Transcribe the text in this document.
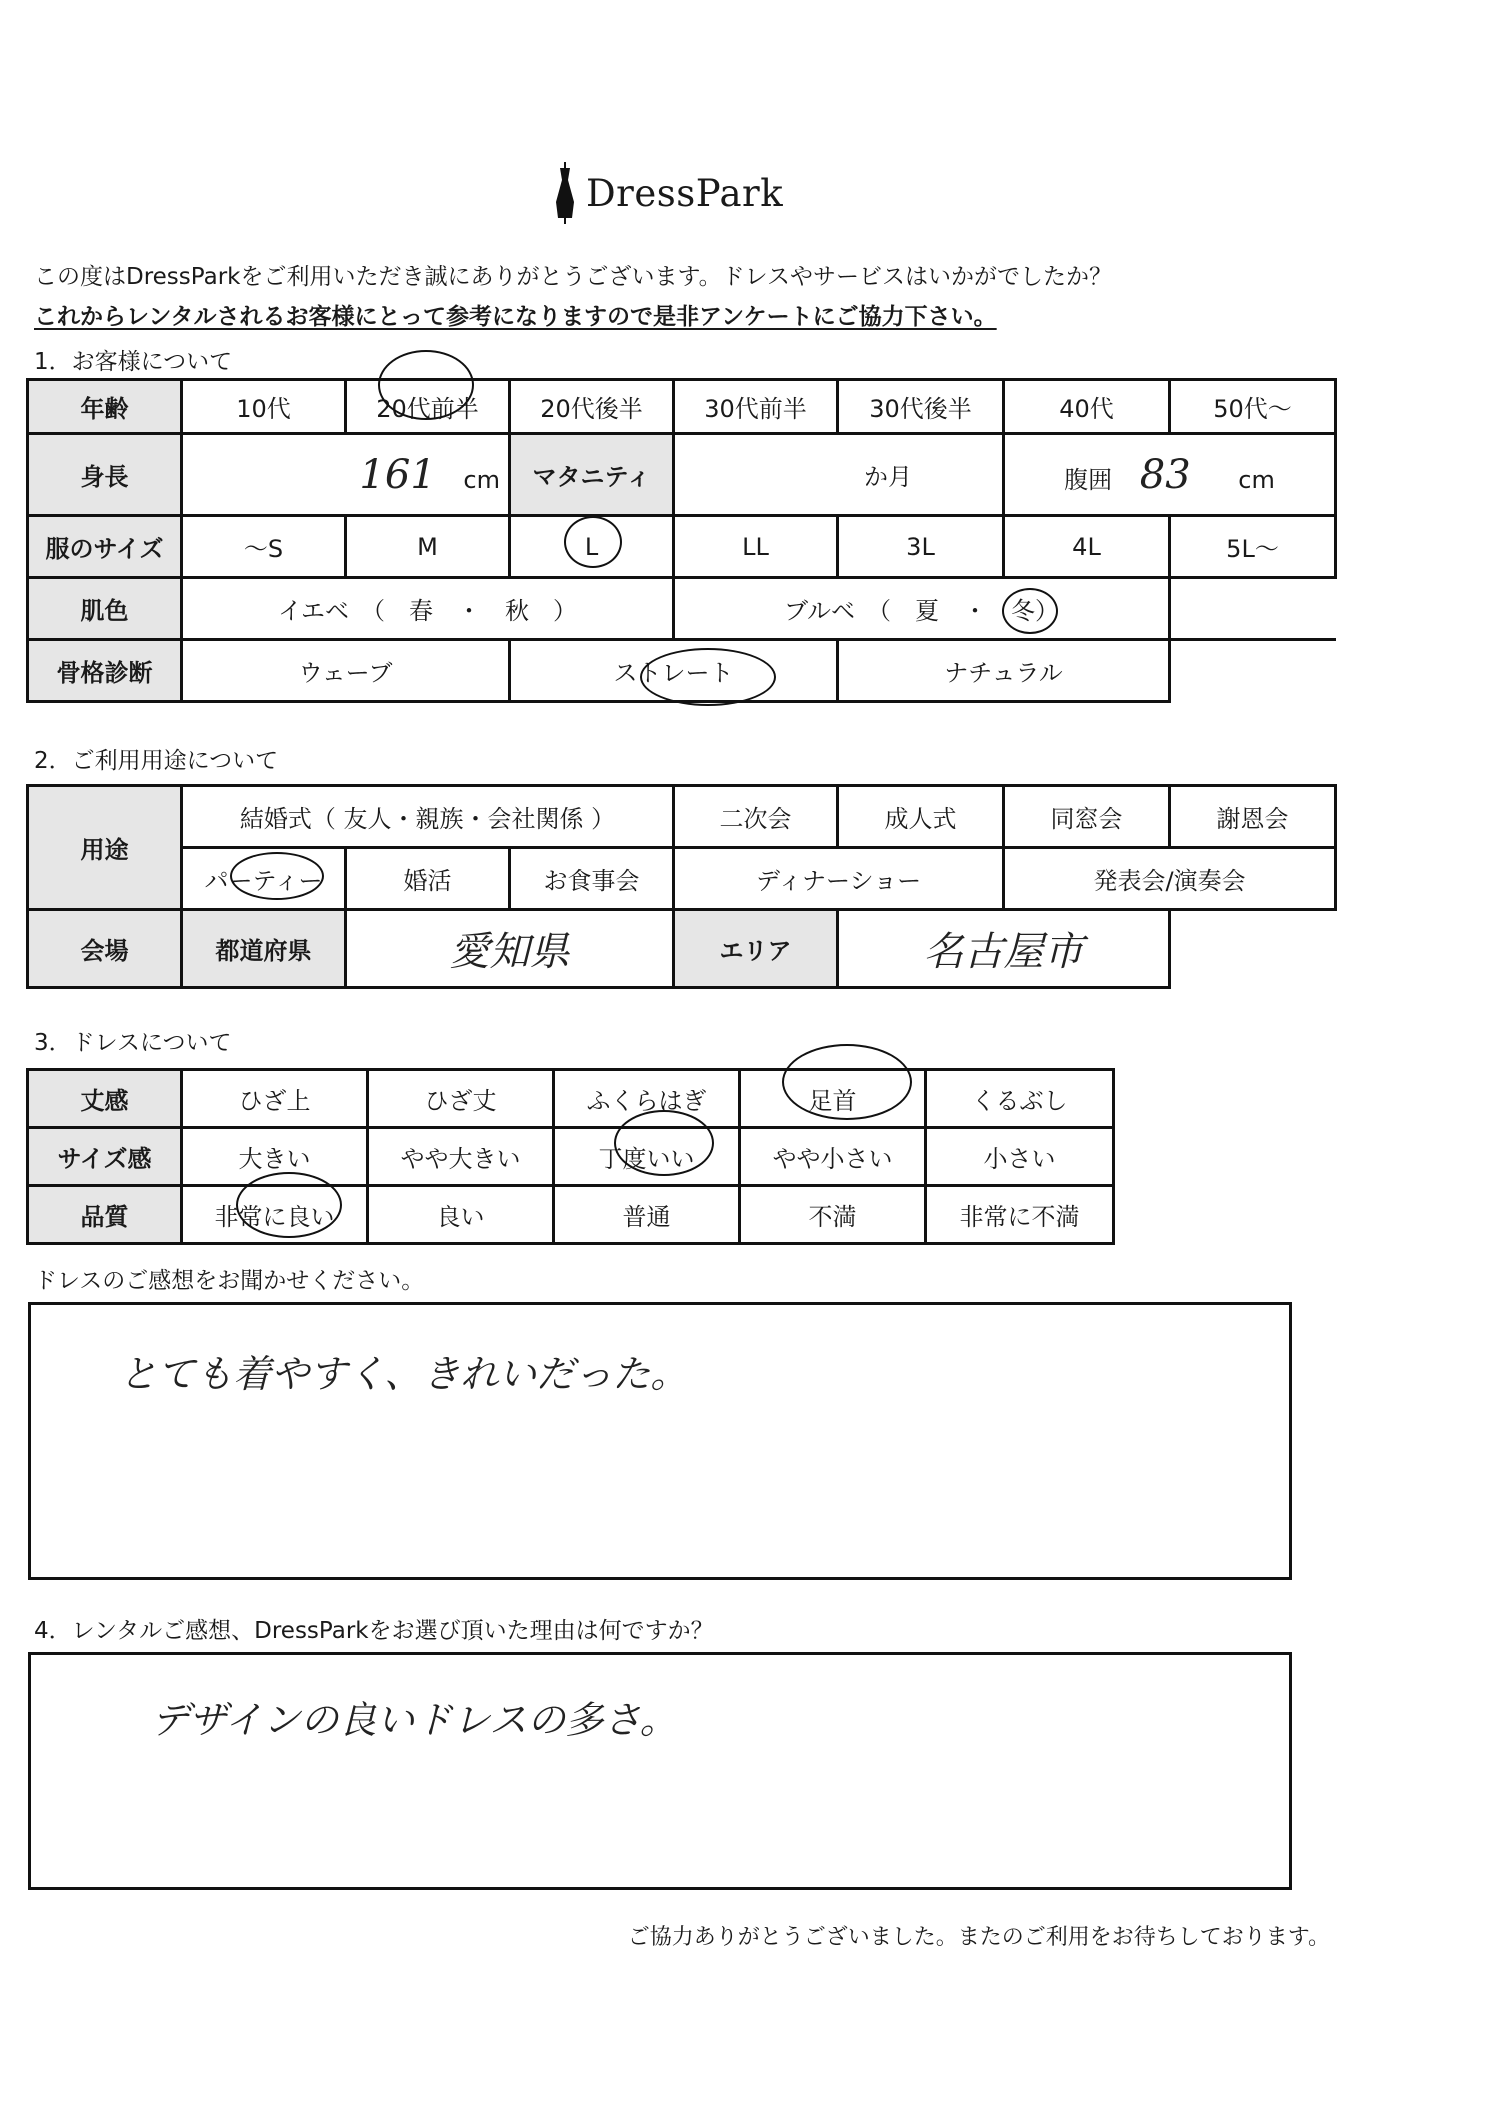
DressPark
この度はDressParkをご利用いただき誠にありがとうございます。ドレスやサービスはいかがでしたか？
これからレンタルされるお客様にとって参考になりますので是非アンケートにご協力下さい。
1．お客様について
年齢	10代	20代前半	20代後半	30代前半	30代後半	40代	50代～
身長	161 cm		マタニティ	か月		腹囲 83 cm	
服のサイズ	～S	M	L	LL	3L	4L	5L～
肌色	イエベ　（　春　・　秋　）			ブルベ　（　夏　・　冬）			
骨格診断	ウェーブ		ストレート		ナチュラル		
2．ご利用用途について
用途	結婚式（ 友人・親族・会社関係 ）			二次会	成人式	同窓会	謝恩会
	パーティー	婚活	お食事会	ディナーショー		発表会/演奏会	
会場	都道府県	愛知県		エリア	名古屋市		
3．ドレスについて
丈感	ひざ上	ひざ丈	ふくらはぎ	足首	くるぶし
サイズ感	大きい	やや大きい	丁度いい	やや小さい	小さい
品質	非常に良い	良い	普通	不満	非常に不満
ドレスのご感想をお聞かせください。
とても着やすく、きれいだった。
4．レンタルご感想、DressParkをお選び頂いた理由は何ですか？
デザインの良いドレスの多さ。
ご協力ありがとうございました。またのご利用をお待ちしております。
